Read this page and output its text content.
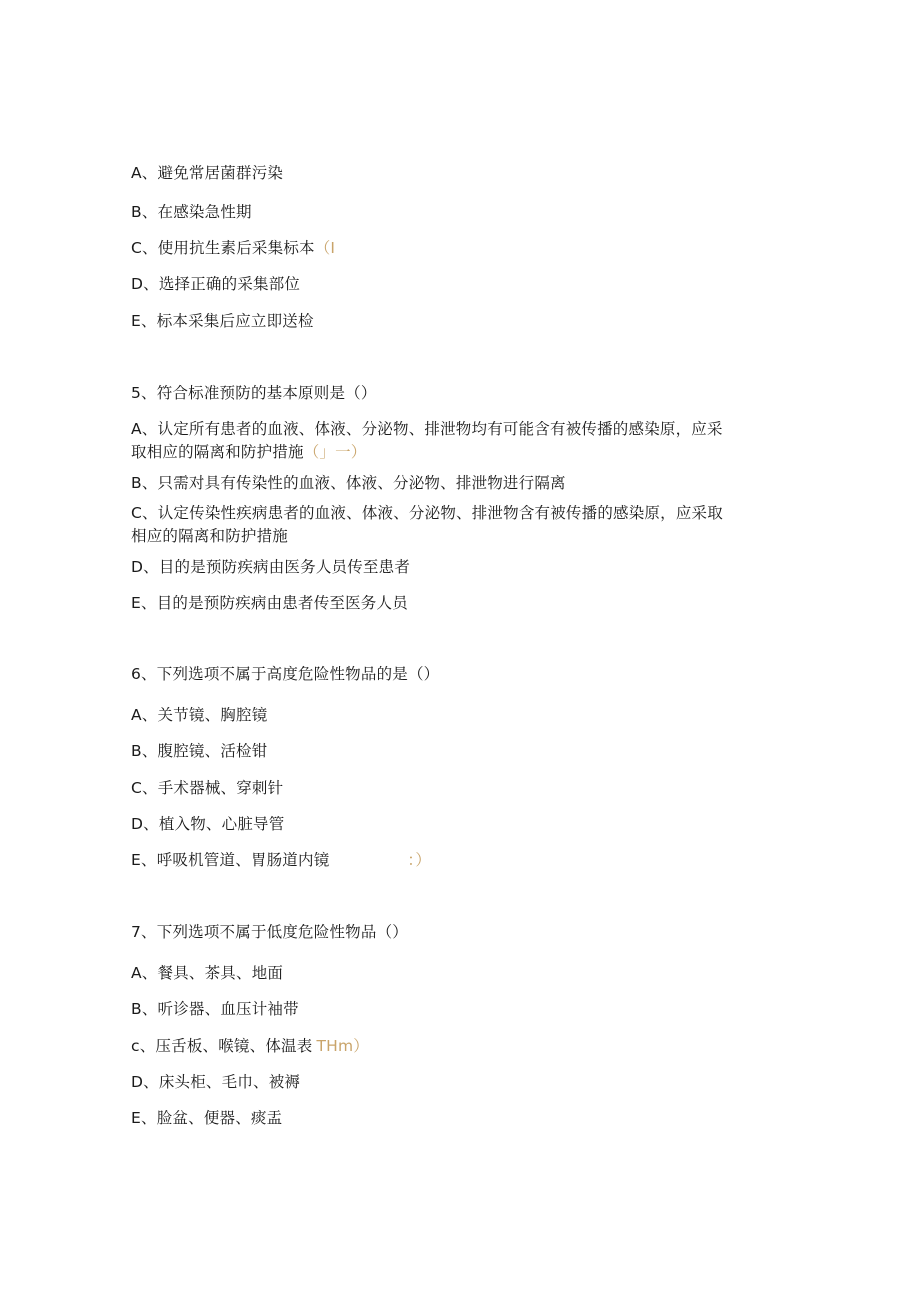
A、避免常居菌群污染
B、在感染急性期
C、使用抗生素后采集标本（I
D、选择正确的采集部位
E、标本采集后应立即送检
5、符合标准预防的基本原则是（）
A、认定所有患者的血液、体液、分泌物、排泄物均有可能含有被传播的感染原，应采
取相应的隔离和防护措施（」一）
B、只需对具有传染性的血液、体液、分泌物、排泄物进行隔离
C、认定传染性疾病患者的血液、体液、分泌物、排泄物含有被传播的感染原，应采取
相应的隔离和防护措施
D、目的是预防疾病由医务人员传至患者
E、目的是预防疾病由患者传至医务人员
6、下列选项不属于高度危险性物品的是（）
A、关节镜、胸腔镜
B、腹腔镜、活检钳
C、手术器械、穿刺针
D、植入物、心脏导管
E、呼吸机管道、胃肠道内镜	：）
7、下列选项不属于低度危险性物品（）
A、餐具、茶具、地面
B、听诊器、血压计袖带
c、压舌板、喉镜、体温表 THm）
D、床头柜、毛巾、被褥
E、脸盆、便器、痰盂
